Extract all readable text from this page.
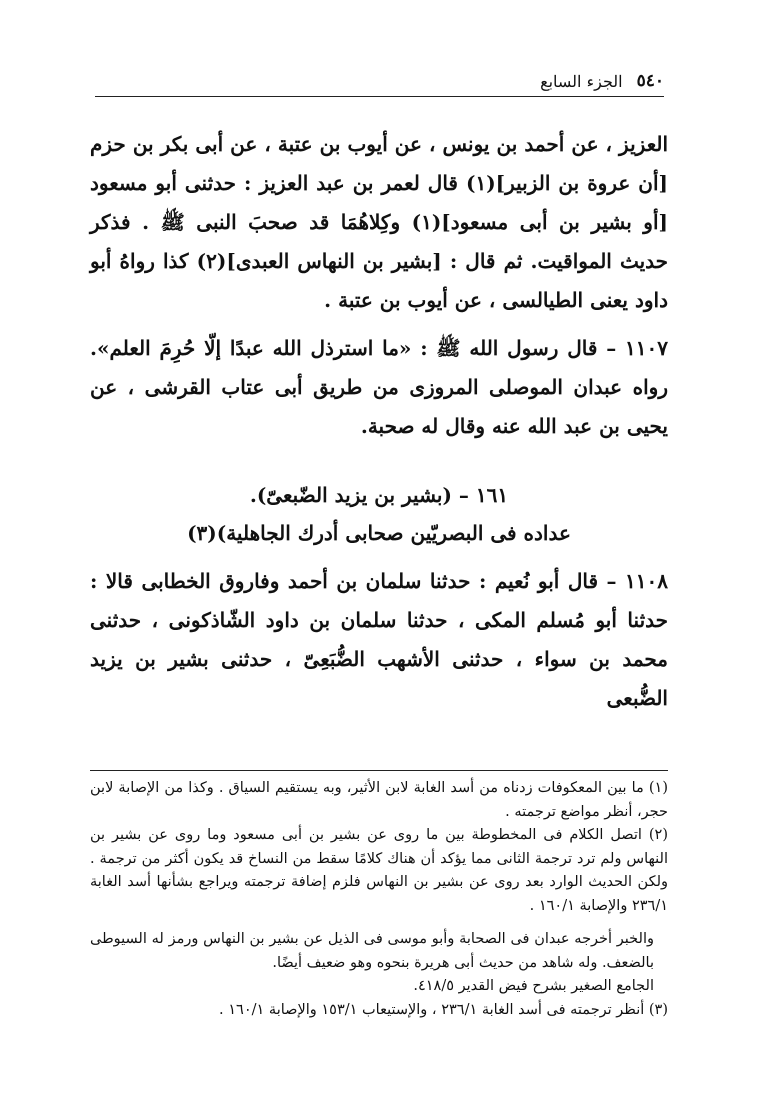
٥٤٠
الجزء السابع

العزيز ، عن أحمد بن يونس ، عن أيوب بن عتبة ، عن أبى بكر بن حزم [أن عروة بن الزبير](١) قال لعمر بن عبد العزيز : حدثنى أبو مسعود [أو بشير بن أبى مسعود](١) وكِلاهُمَا قد صحبَ النبى ﷺ . فذكر حديث المواقيت. ثم قال : [بشير بن النهاس العبدى](٢) كذا رواهُ أبو داود يعنى الطيالسى ، عن أيوب بن عتبة .

١١٠٧ – قال رسول الله ﷺ : «ما استرذل الله عبدًا إلّا حُرِمَ العلم». رواه عبدان الموصلى المروزى من طريق أبى عتاب القرشى ، عن يحيى بن عبد الله عنه وقال له صحبة.

١٦١ – (بشير بن يزيد الضّبعىّ).
عداده فى البصريّين صحابى أدرك الجاهلية)(٣)

١١٠٨ – قال أبو نُعيم : حدثنا سلمان بن أحمد وفاروق الخطابى قالا : حدثنا أبو مُسلم المكى ، حدثنا سلمان بن داود الشّاذكونى ، حدثنى محمد بن سواء ، حدثنى الأشهب الضُّبَعِىّ ، حدثنى بشير بن يزيد الضُّبعى

(١) ما بين المعكوفات زدناه من أسد الغابة لابن الأثير، وبه يستقيم السياق . وكذا من الإصابة لابن حجر، أنظر مواضع ترجمته .

(٢) اتصل الكلام فى المخطوطة بين ما روى عن بشير بن أبى مسعود وما روى عن بشير بن النهاس ولم ترد ترجمة الثانى مما يؤكد أن هناك كلامًا سقط من النساخ قد يكون أكثر من ترجمة . ولكن الحديث الوارد بعد روى عن بشير بن النهاس فلزم إضافة ترجمته ويراجع بشأنها أسد الغابة ٢٣٦/١ والإصابة ١٦٠/١ .

والخبر أخرجه عبدان فى الصحابة وأبو موسى فى الذيل عن بشير بن النهاس ورمز له السيوطى بالضعف. وله شاهد من حديث أبى هريرة بنحوه وهو ضعيف أيضًا.

الجامع الصغير بشرح فيض القدير ٤١٨/٥.

(٣) أنظر ترجمته فى أسد الغابة ٢٣٦/١ ، والإستيعاب ١٥٣/١ والإصابة ١٦٠/١ .
